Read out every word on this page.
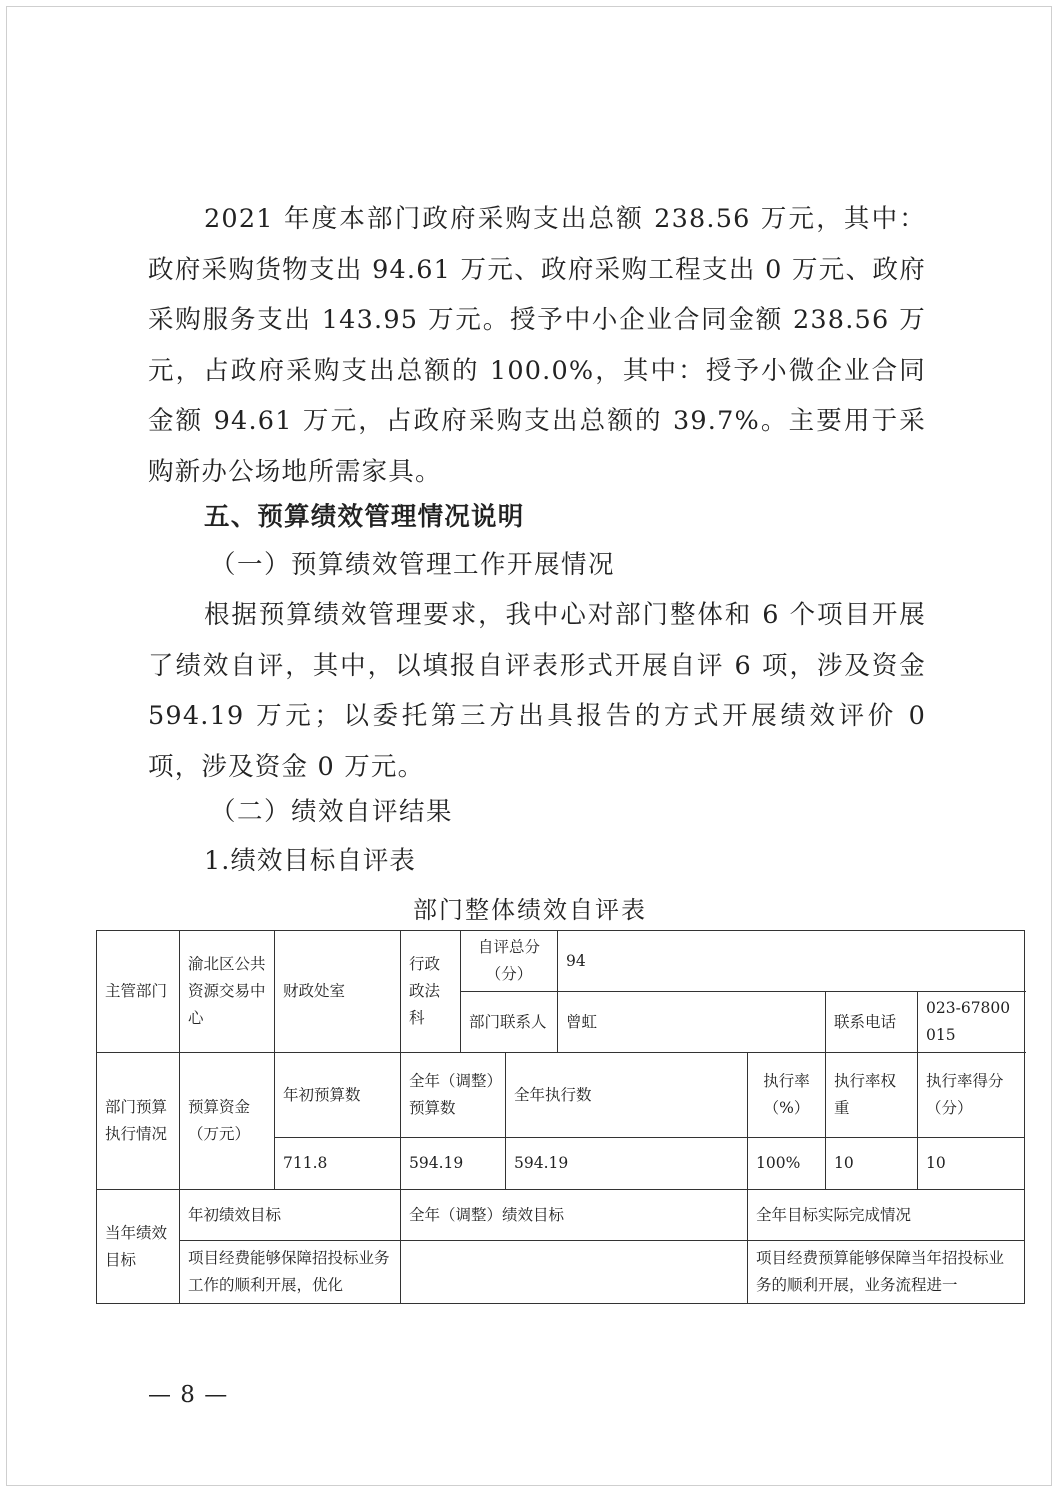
2021 年度本部门政府采购支出总额 238.56 万元，其中：政府采购货物支出 94.61 万元、政府采购工程支出 0 万元、政府采购服务支出 143.95 万元。授予中小企业合同金额 238.56 万元，占政府采购支出总额的 100.0%，其中：授予小微企业合同金额 94.61 万元，占政府采购支出总额的 39.7%。主要用于采购新办公场地所需家具。

五、预算绩效管理情况说明

（一）预算绩效管理工作开展情况

根据预算绩效管理要求，我中心对部门整体和 6 个项目开展了绩效自评，其中，以填报自评表形式开展自评 6 项，涉及资金 594.19 万元；以委托第三方出具报告的方式开展绩效评价 0 项，涉及资金 0 万元。

（二）绩效自评结果

1.绩效目标自评表

部门整体绩效自评表

主管部门	渝北区公共资源交易中心	财政处室	行政政法科	自评总分（分）		94			
				部门联系人		曾虹		联系电话	023-67800015
部门预算执行情况	预算资金（万元）	年初预算数	全年（调整）预算数		全年执行数		执行率（%）	执行率权重	执行率得分（分）
		711.8	594.19		594.19		100%	10	10
当年绩效目标	年初绩效目标		全年（调整）绩效目标				全年目标实际完成情况		
	项目经费能够保障招投标业务工作的顺利开展，优化						项目经费预算能够保障当年招投标业务的顺利开展，业务流程进一		
— 8 —
